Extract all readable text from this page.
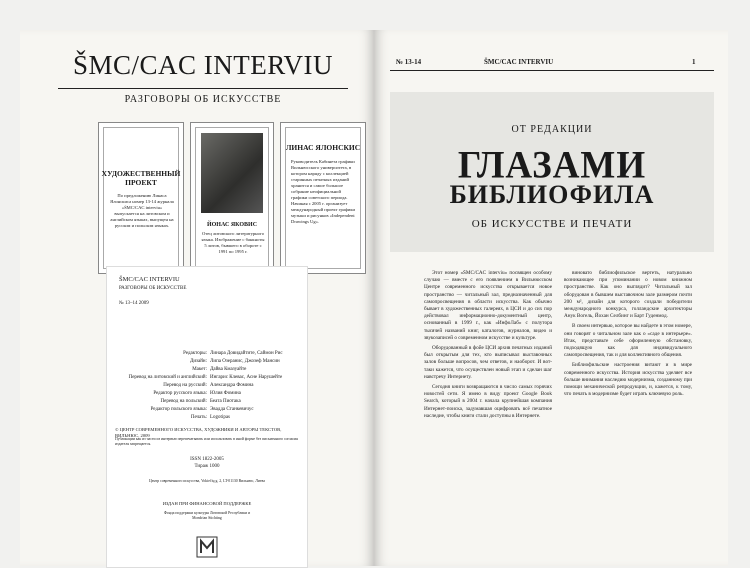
ŠMC/CAC INTERVIU
РАЗГОВОРЫ ОБ ИСКУССТВЕ
ХУДОЖЕСТВЕННЫЙ ПРОЕКТ
По предложению Линаса Ялонскиса номер 13-14 журнала «ŠMC/CAC interviu» выпускается на литовском и английском языках, выпущен на русском и польском языках.	ЙОНАС ЯКОВИС
Отец литовского литературного языка. Изображение с банкноты 5 литов, бывшего в обороте с 1991 по 1995 г.
ЛИНАС ЯЛОНСКИС
Руководитель Кабинета графики Вильнюсского университета, в котором наряду с коллекцией старинных печатных изданий хранится и самое большое собрание неофициальной графики советского периода. Начиная с 2005 г. организует международный проект графики музыки и рисунков «Independent Drawings Ug».
ŠMC/CAC INTERVIU
РАЗГОВОРЫ ОБ ИСКУССТВЕ
№ 13–14 2009
Редакторы: Линара Довидайтите, Саймон Рис
Дизайн: Липа Озеранис, Джозеф Мансин
Макет: Дайва Кмазуайте
Перевод на литовский и английский: Ингарис Клевас, Асне Нарушейте
Перевод на русский: Александра Фомина
Редактор русского языка: Юлия Фомина
Перевод на польский: Беата Пиотака
Редактор польского языка: Эвадда Станкевичус
Печать: Logotipas
© ЦЕНТР СОВРЕМЕННОГО ИСКУССТВА, ХУДОЖНИКИ И АВТОРЫ ТЕКСТОВ, ВИЛЬНЮС, 2009
Публикации как из части из интервью перепечатывать или использовать в иной форме без письменного согласия издателя запрещается.
ISSN 1822-2005
Тираж 1000
Центр современного искусства, Vokiečių g. 2, LT-01130 Вильнюс, Литва
ИЗДАН ПРИ ФИНАНСОВОЙ ПОДДЕРЖКЕ
Фонда поддержки культуры Литовской Республики и Mondrian Stichting
№ 13-14	ŠMC/CAC INTERVIU	1
ОТ РЕДАКЦИИ
ГЛАЗАМИ
БИБЛИОФИЛА
ОБ ИСКУССТВЕ И ПЕЧАТИ

Этот номер «ŠMC/CAC interviu» посвящен особому случаю — вместе с его появлением в Вильнюсском Центре современного искусства открывается новое пространство — читальный зал, предназначенный для самопросвещения в области искусства. Как обычно бывает в художественных галереях, в ЦСИ и до сих пор действовал информационно-документный центр, основанный в 1999 г., как «ИнфоЛаб» с полутора тысячей названий книг, каталогов, журналов, видео и звукозаписей о современном искусстве и культуре.

Оборудованный в фойе ЦСИ архив печатных изданий был открытым для тех, кто выписывал выставочных залов больше вопросов, чем ответов, и наоборот. И вот-таки кажется, что осуществлен новый этап и сделан шаг навстречу Интернету.

Сегодня книги возвращаются в число самых горячих новостей сети. Я имею в виду проект Google Book Search, который в 2004 г. начала крупнейшая компания Интернет-поиска, задумавшая оцифровать всё печатное наследие, чтобы книги стали доступны в Интернете.

виновато библиофильское вертеть, натурально возникающее при упоминании о новом книжном пространстве. Как оно выглядит? Читальный зал оборудован в бывшем выставочном зале размером почти 200 м², дизайн для которого создали победители международного конкурса, голландские архитекторы Анук Вогель, Йохан Селбинг и Барт Гуденмод.

В своем интервью, которое вы найдете в этом номере, они говорят о читальном зале как о «саде в интерьере». Итак, представьте себе оформленную обстановку, подходящую как для индивидуального самопросвещения, так и для коллективного общения.

Библиофильские настроения витают и в мире современного искусства. История искусства уделяет все больше внимания наследию модернизма, созданному при помощи механической репродукции, и, кажется, к тому, что печать в модернизме будет играть ключевую роль.
